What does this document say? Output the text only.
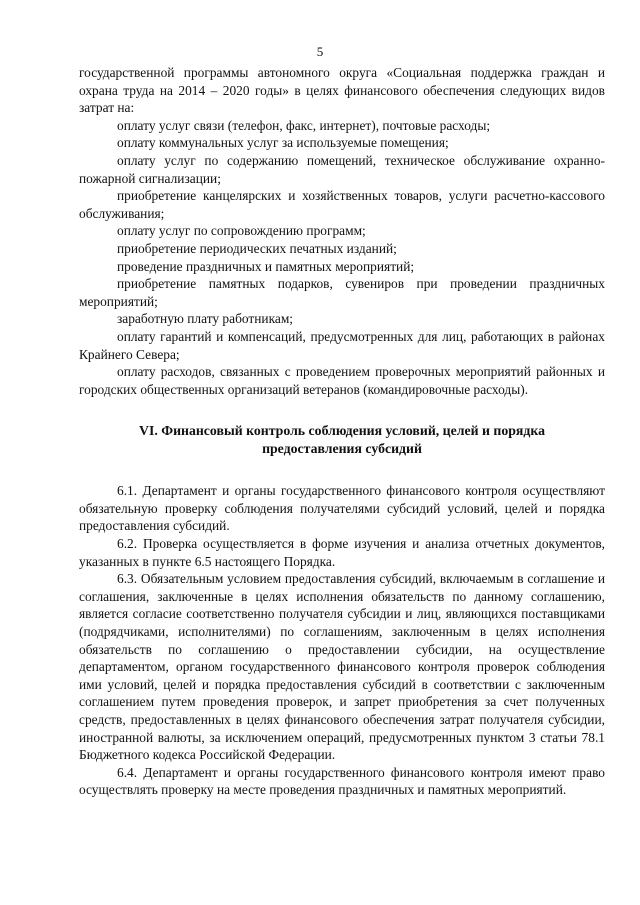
5

государственной программы автономного округа «Социальная поддержка граждан и охрана труда на 2014 – 2020 годы» в целях финансового обеспечения следующих видов затрат на:

оплату услуг связи (телефон, факс, интернет), почтовые расходы;

оплату коммунальных услуг за используемые помещения;

оплату услуг по содержанию помещений, техническое обслуживание охранно-пожарной сигнализации;

приобретение канцелярских и хозяйственных товаров, услуги расчетно-кассового обслуживания;

оплату услуг по сопровождению программ;

приобретение периодических печатных изданий;

проведение праздничных и памятных мероприятий;

приобретение памятных подарков, сувениров при проведении праздничных мероприятий;

заработную плату работникам;

оплату гарантий и компенсаций, предусмотренных для лиц, работающих в районах Крайнего Севера;

оплату расходов, связанных с проведением проверочных мероприятий районных и городских общественных организаций ветеранов (командировочные расходы).

VI. Финансовый контроль соблюдения условий, целей и порядка
предоставления субсидий

6.1. Департамент и органы государственного финансового контроля осуществляют обязательную проверку соблюдения получателями субсидий условий, целей и порядка предоставления субсидий.

6.2. Проверка осуществляется в форме изучения и анализа отчетных документов, указанных в пункте 6.5 настоящего Порядка.

6.3. Обязательным условием предоставления субсидий, включаемым в соглашение и соглашения, заключенные в целях исполнения обязательств по данному соглашению, является согласие соответственно получателя субсидии и лиц, являющихся поставщиками (подрядчиками, исполнителями) по соглашениям, заключенным в целях исполнения обязательств по соглашению о предоставлении субсидии, на осуществление департаментом, органом государственного финансового контроля проверок соблюдения ими условий, целей и порядка предоставления субсидий в соответствии с заключенным соглашением путем проведения проверок, и запрет приобретения за счет полученных средств, предоставленных в целях финансового обеспечения затрат получателя субсидии, иностранной валюты, за исключением операций, предусмотренных пунктом 3 статьи 78.1 Бюджетного кодекса Российской Федерации.

6.4. Департамент и органы государственного финансового контроля имеют право осуществлять проверку на месте проведения праздничных и памятных мероприятий.
